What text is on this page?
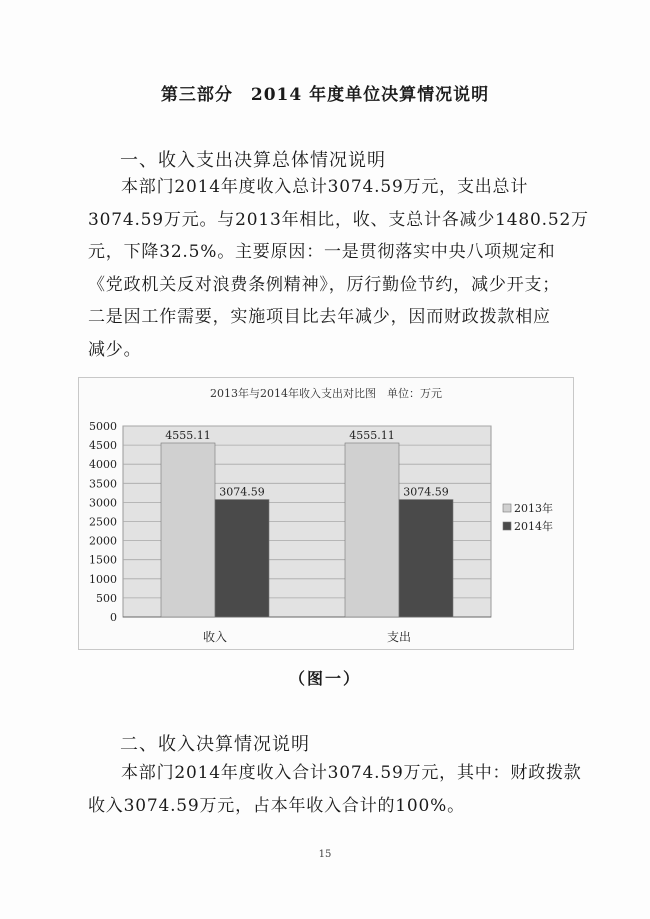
第三部分 2014 年度单位决算情况说明
一、收入支出决算总体情况说明
本部门2014年度收入总计3074.59万元，支出总计
3074.59万元。与2013年相比，收、支总计各减少1480.52万
元，下降32.5%。主要原因：一是贯彻落实中央八项规定和
《党政机关反对浪费条例精神》，厉行勤俭节约，减少开支；
二是因工作需要，实施项目比去年减少，因而财政拨款相应
减少。
2013年与2014年收入支出对比图　单位：万元
0
500
1000
1500
2000
2500
3000
3500
4000
4500
5000
4555.11
3074.59
收入
4555.11
3074.59
支出
2013年
2014年
（图一）
二、收入决算情况说明
本部门2014年度收入合计3074.59万元，其中：财政拨款
收入3074.59万元，占本年收入合计的100%。
15
